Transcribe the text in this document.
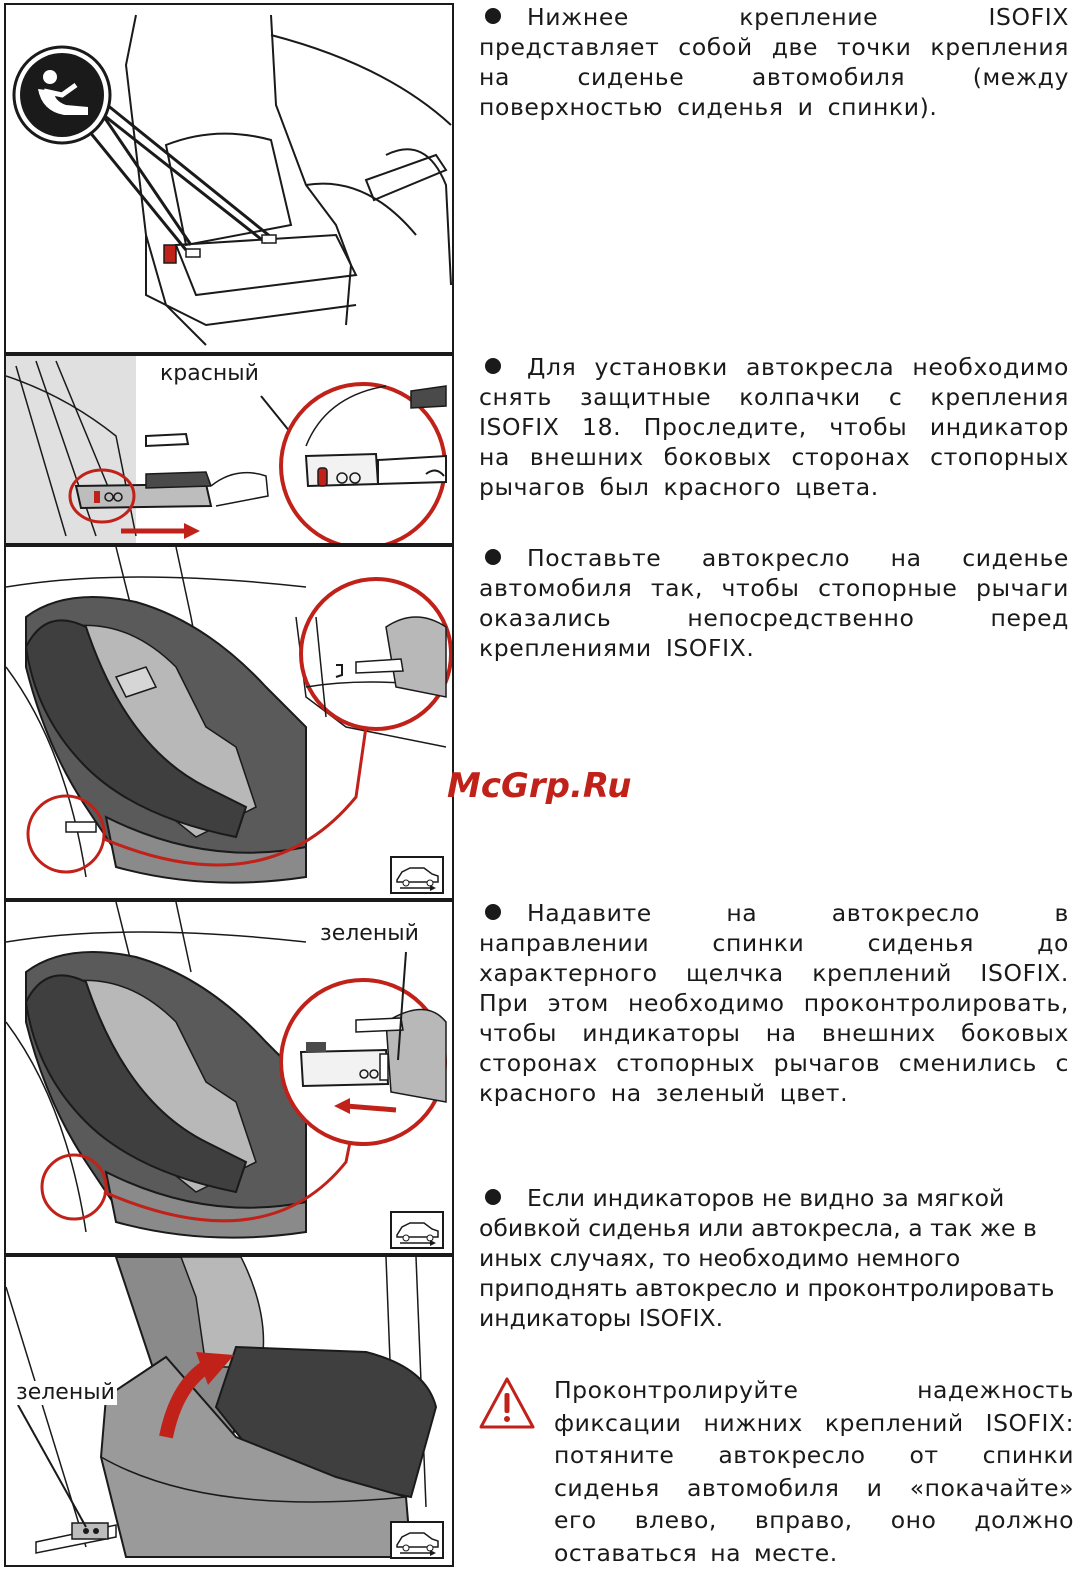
красный
зеленый
зеленый
Нижнее крепление ISOFIX представляет собой две точки крепления на сиденье автомобиля (между поверхностью сиденья и спинки).
Для установки автокресла необходимо снять защитные колпачки с крепления ISOFIX 18. Проследите, чтобы индикатор на внешних боковых сторонах стопорных рычагов был красного цвета.
Поставьте автокресло на сиденье автомобиля так, чтобы стопорные рычаги оказались непосредственно перед креплениями ISOFIX.
Надавите на автокресло в направлении спинки сиденья до характерного щелчка креплений ISOFIX. При этом необходимо проконтролировать, чтобы индикаторы на внешних боковых сторонах стопорных рычагов сменились с красного на зеленый цвет.
Если индикаторов не видно за мягкой обивкой сиденья или автокресла, а так же в иных случаях, то необходимо немного приподнять автокресло и проконтролировать индикаторы ISOFIX.
Проконтролируйте надежность фиксации нижних креплений ISOFIX: потяните автокресло от спинки сиденья автомобиля и «покачайте» его влево, вправо, оно должно оставаться на месте.
McGrp.Ru
